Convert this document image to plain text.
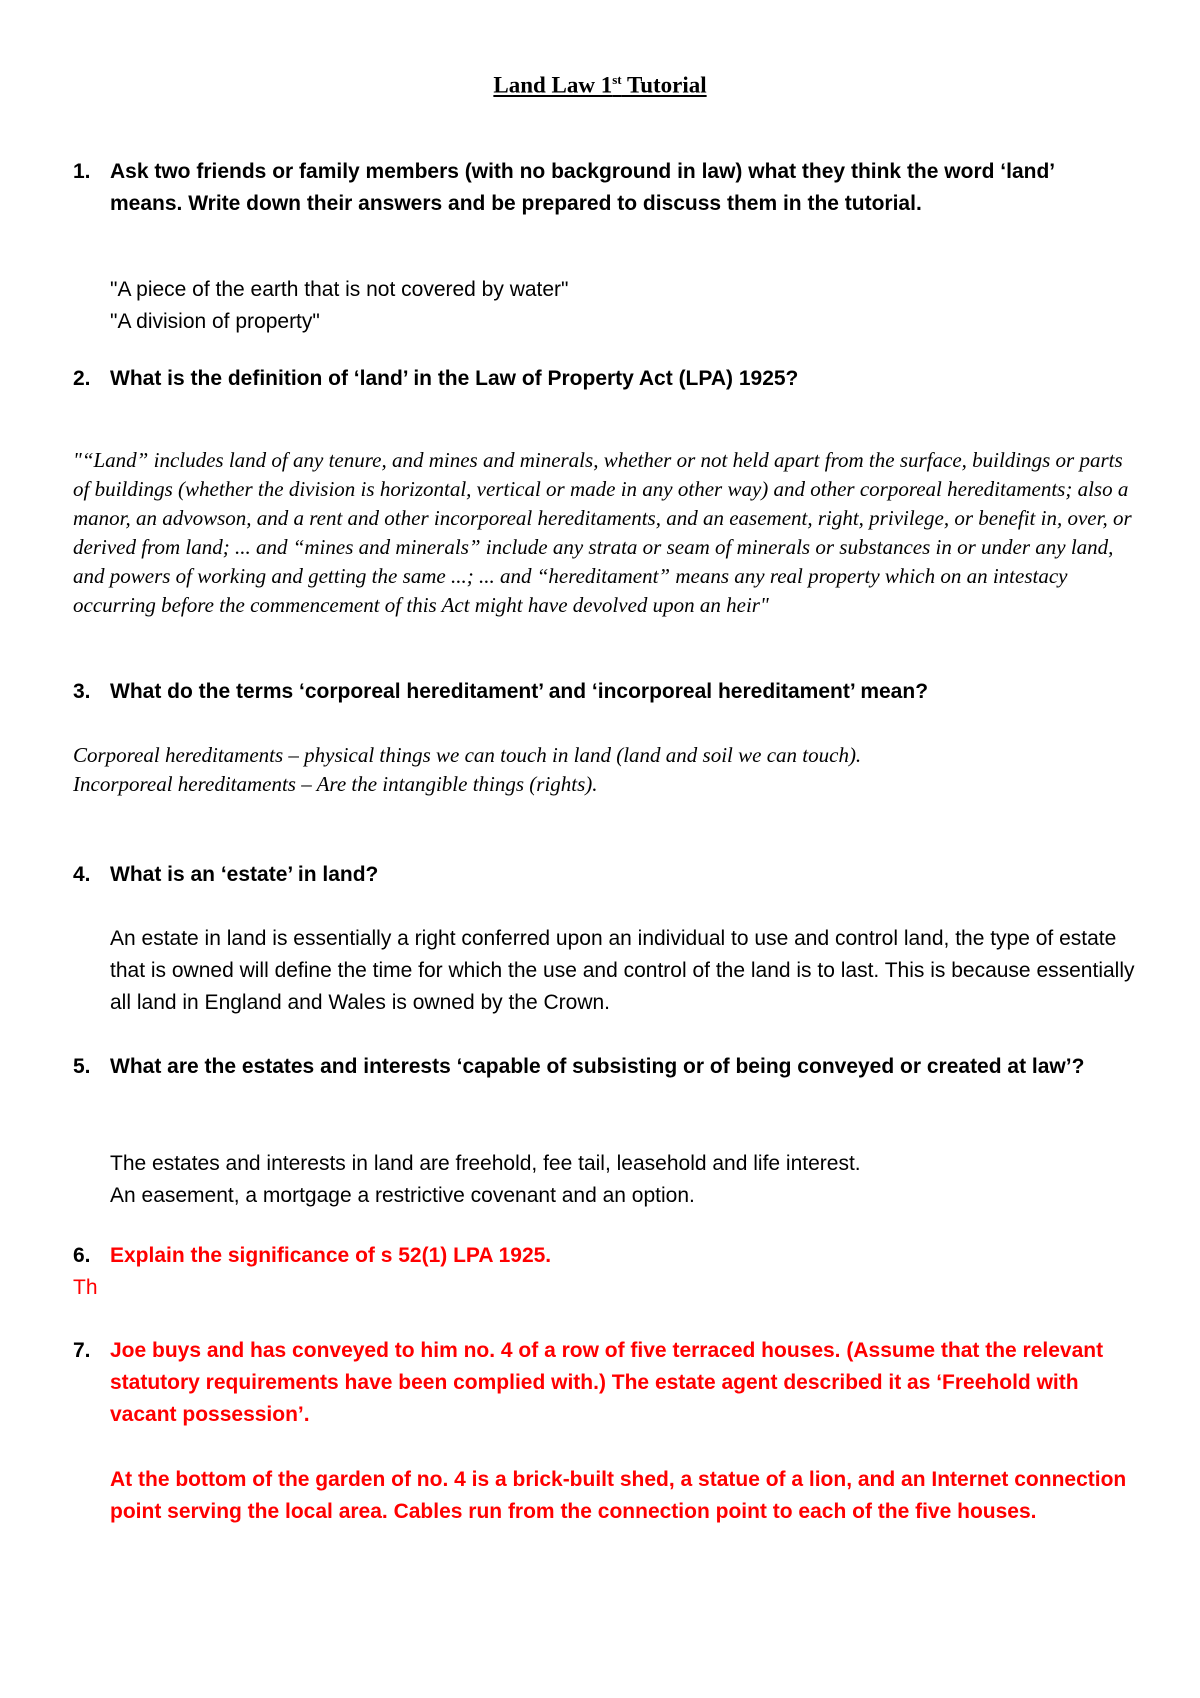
Land Law 1st Tutorial
1. Ask two friends or family members (with no background in law) what they think the word ‘land’ means. Write down their answers and be prepared to discuss them in the tutorial.
"A piece of the earth that is not covered by water"
"A division of property"
2. What is the definition of ‘land’ in the Law of Property Act (LPA) 1925?
"“Land” includes land of any tenure, and mines and minerals, whether or not held apart from the surface, buildings or parts of buildings (whether the division is horizontal, vertical or made in any other way) and other corporeal hereditaments; also a manor, an advowson, and a rent and other incorporeal hereditaments, and an easement, right, privilege, or benefit in, over, or derived from land; ... and “mines and minerals” include any strata or seam of minerals or substances in or under any land, and powers of working and getting the same ...; ... and “hereditament” means any real property which on an intestacy occurring before the commencement of this Act might have devolved upon an heir"
3. What do the terms ‘corporeal hereditament’ and ‘incorporeal hereditament’ mean?
Corporeal hereditaments – physical things we can touch in land (land and soil we can touch).
Incorporeal hereditaments – Are the intangible things (rights).
4. What is an ‘estate’ in land?
An estate in land is essentially a right conferred upon an individual to use and control land, the type of estate that is owned will define the time for which the use and control of the land is to last. This is because essentially all land in England and Wales is owned by the Crown.
5. What are the estates and interests ‘capable of subsisting or of being conveyed or created at law’?
The estates and interests in land are freehold, fee tail, leasehold and life interest.
An easement, a mortgage a restrictive covenant and an option.
6. Explain the significance of s 52(1) LPA 1925.
Th
7. Joe buys and has conveyed to him no. 4 of a row of five terraced houses. (Assume that the relevant statutory requirements have been complied with.) The estate agent described it as ‘Freehold with vacant possession’.
At the bottom of the garden of no. 4 is a brick-built shed, a statue of a lion, and an Internet connection point serving the local area. Cables run from the connection point to each of the five houses.
